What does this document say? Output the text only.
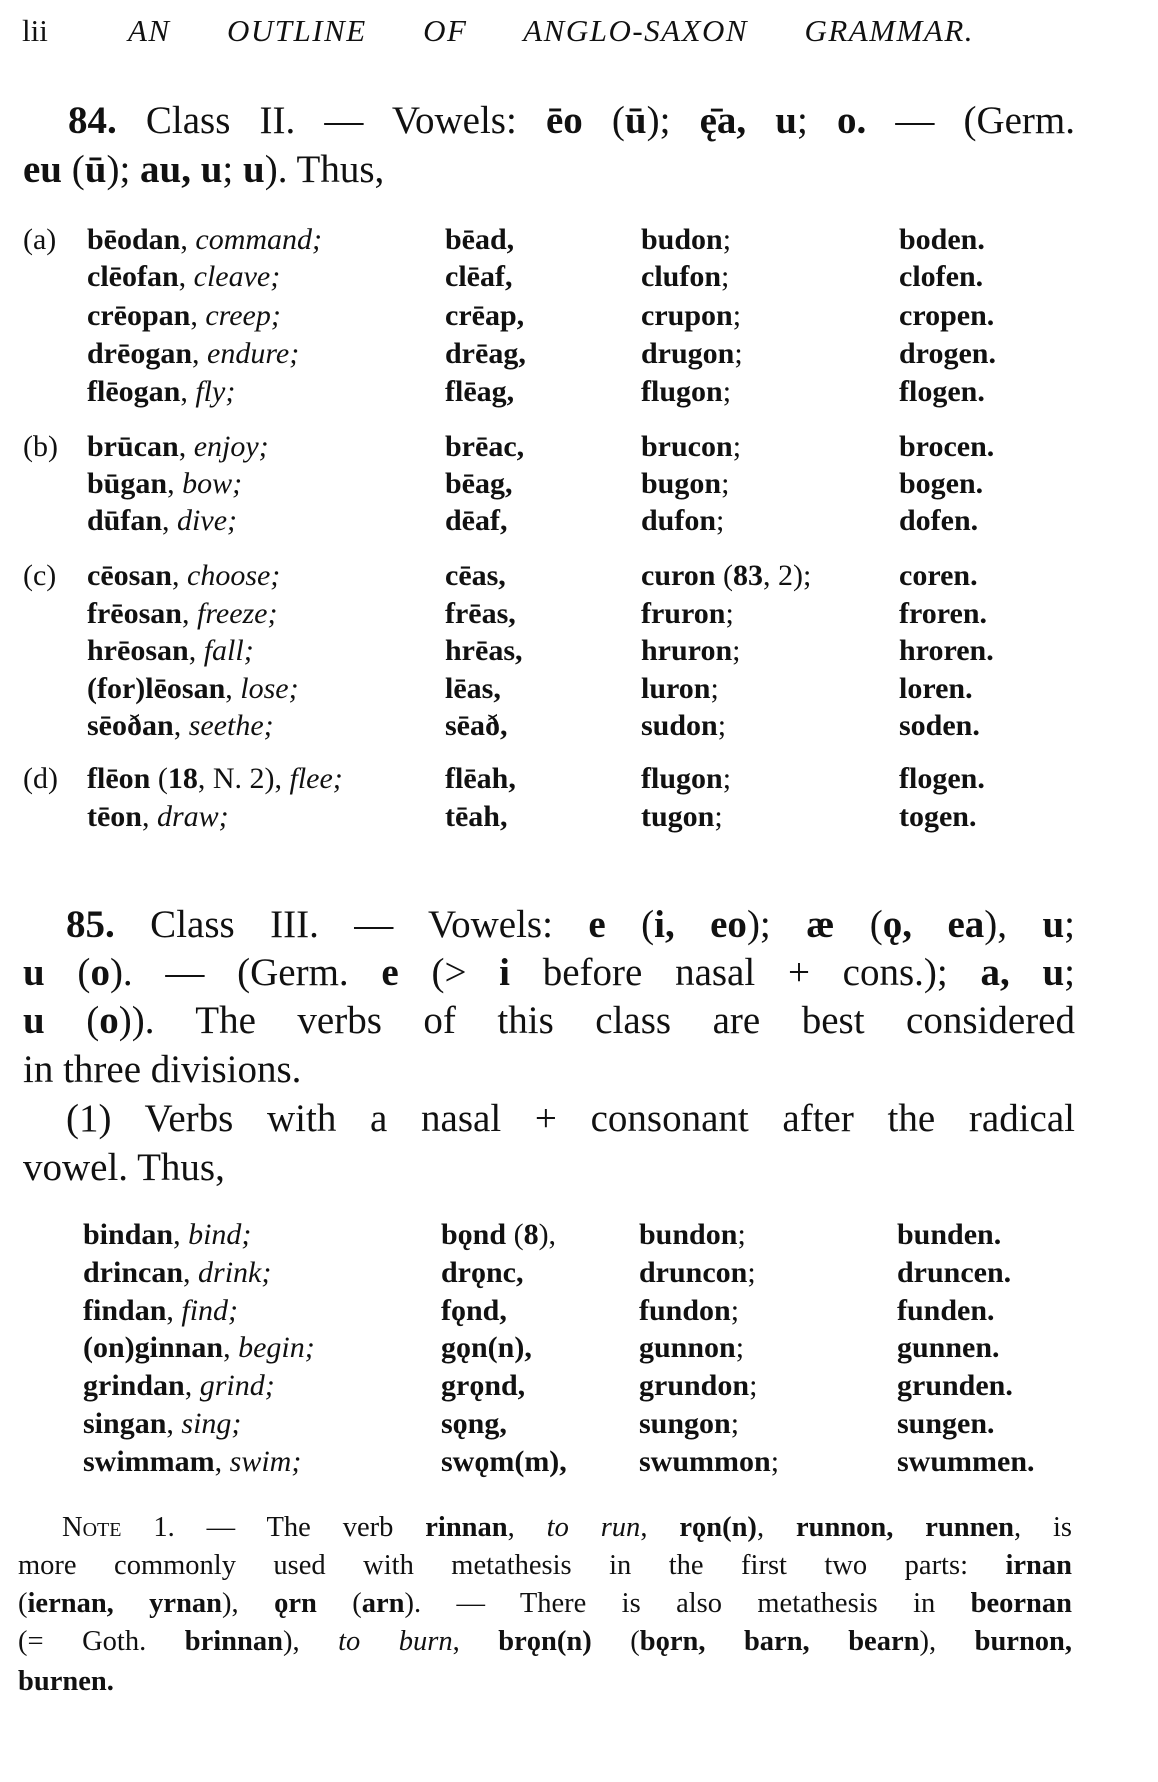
lii	AN OUTLINE OF ANGLO-SAXON GRAMMAR.
84. Class II. — Vowels: ēo (ū); ę̄a, u; o. — (Germ.
eu (ū); au, u; u). Thus,
(a) bēodan, command;	bēad,	budon;	boden.
clēofan, cleave;	clēaf,	clufon;	clofen.
crēopan, creep;	crēap,	crupon;	cropen.
drēogan, endure;	drēag,	drugon;	drogen.
flēogan, fly;	flēag,	flugon;	flogen.
(b) brūcan, enjoy;	brēac,	brucon;	brocen.
būgan, bow;	bēag,	bugon;	bogen.
dūfan, dive;	dēaf,	dufon;	dofen.
(c) cēosan, choose;	cēas,	curon (83, 2);	coren.
frēosan, freeze;	frēas,	fruron;	froren.
hrēosan, fall;	hrēas,	hruron;	hroren.
(for)lēosan, lose;	lēas,	luron;	loren.
sēoðan, seethe;	sēað,	sudon;	soden.
(d) flēon (18, N. 2), flee;	flēah,	flugon;	flogen.
tēon, draw;	tēah,	tugon;	togen.
85. Class III. — Vowels: e (i, eo); æ (ǫ, ea), u;
u (o). — (Germ. e (> i before nasal + cons.); a, u;
u (o)). The verbs of this class are best considered
in three divisions.
(1) Verbs with a nasal + consonant after the radical
vowel. Thus,
bindan, bind;	bǫnd (8),	bundon;	bunden.
drincan, drink;	drǫnc,	druncon;	druncen.
findan, find;	fǫnd,	fundon;	funden.
(on)ginnan, begin;	gǫn(n),	gunnon;	gunnen.
grindan, grind;	grǫnd,	grundon;	grunden.
singan, sing;	sǫng,	sungon;	sungen.
swimmam, swim;	swǫm(m), swummon;	swummen.
Note 1. — The verb rinnan, to run, rǫn(n), runnon, runnen, is
more commonly used with metathesis in the first two parts: irnan
(iernan, yrnan), ǫrn (arn). — There is also metathesis in beornan
(= Goth. brinnan), to burn, brǫn(n) (bǫrn, barn, bearn), burnon,
burnen.
